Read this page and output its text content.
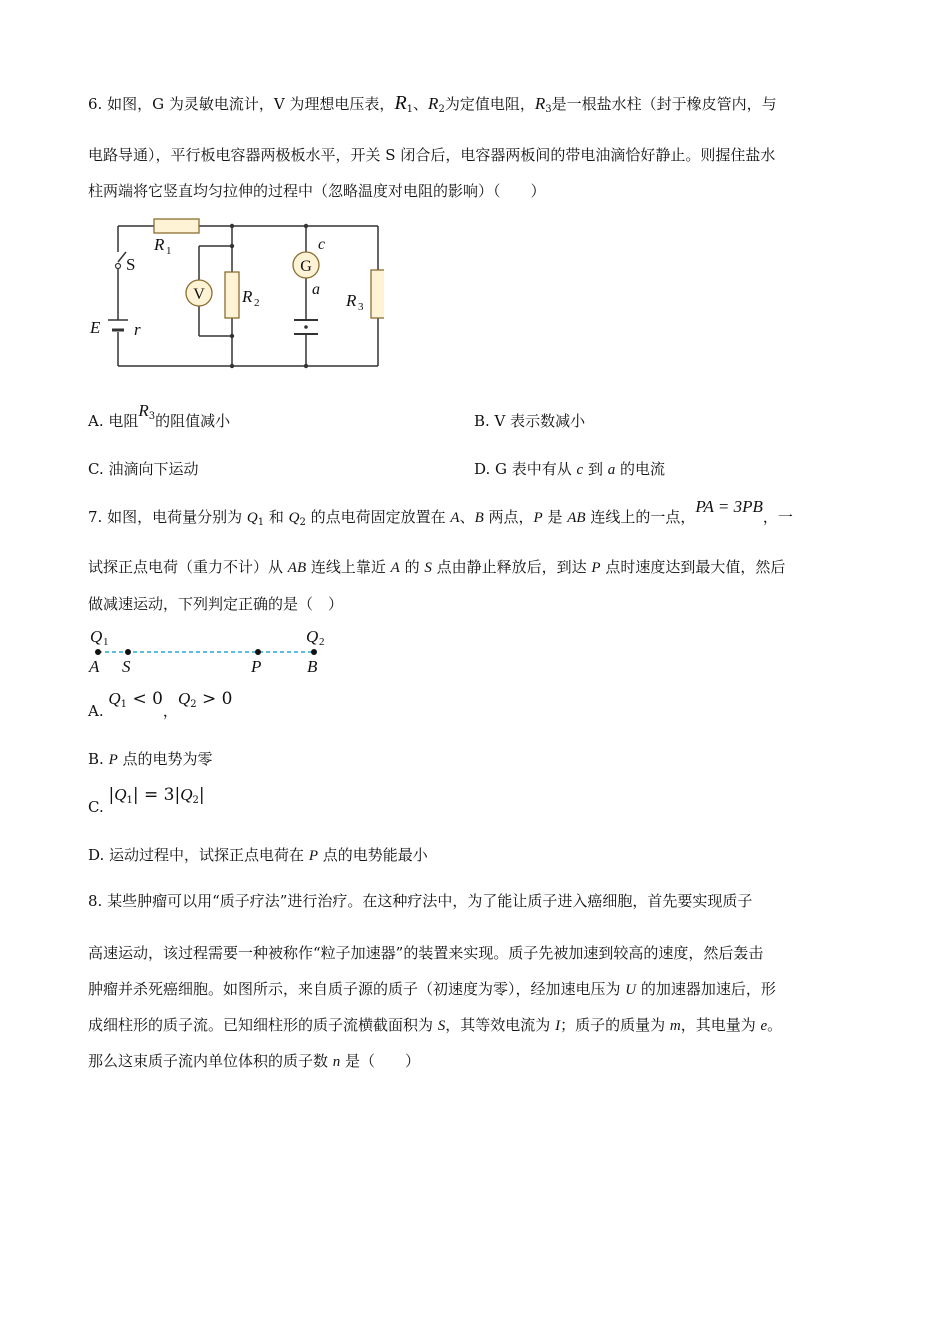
6. 如图，G 为灵敏电流计，V 为理想电压表，$R_1$、$R_2$为定值电阻，$R_3$是一根盐水柱（封于橡皮管内，与
电路导通），平行板电容器两极板水平，开关 S 闭合后，电容器两板间的带电油滴恰好静止。则握住盐水
柱两端将它竖直均匀拉伸的过程中（忽略温度对电阻的影响）（　　）
V
G
R 1
R 2	R 3
S
E r
c
a
A. 电阻$R^3$的阻值减小	B. V 表示数减小
C. 油滴向下运动	D. G 表中有从 c 到 a 的电流
7. 如图，电荷量分别为 $Q_1$ 和 $Q_2$ 的点电荷固定放置在 A、B 两点，P 是 AB 连线上的一点，PA = 3PB，一
试探正点电荷（重力不计）从 AB 连线上靠近 A 的 S 点由静止释放后，到达 P 点时速度达到最大值，然后
做减速运动，下列判定正确的是（　）
Q 1	Q 2
A S	P	B
A. $Q_1 < 0$，$Q_2 > 0$
B. P 点的电势为零
C. $|Q_1| = 3|Q_2|$
D. 运动过程中，试探正点电荷在 P 点的电势能最小
8. 某些肿瘤可以用“质子疗法”进行治疗。在这种疗法中，为了能让质子进入癌细胞，首先要实现质子
高速运动，该过程需要一种被称作“粒子加速器”的装置来实现。质子先被加速到较高的速度，然后轰击
肿瘤并杀死癌细胞。如图所示，来自质子源的质子（初速度为零），经加速电压为 U 的加速器加速后，形
成细柱形的质子流。已知细柱形的质子流横截面积为 S，其等效电流为 I；质子的质量为 m，其电量为 e。
那么这束质子流内单位体积的质子数 n 是（　　）
